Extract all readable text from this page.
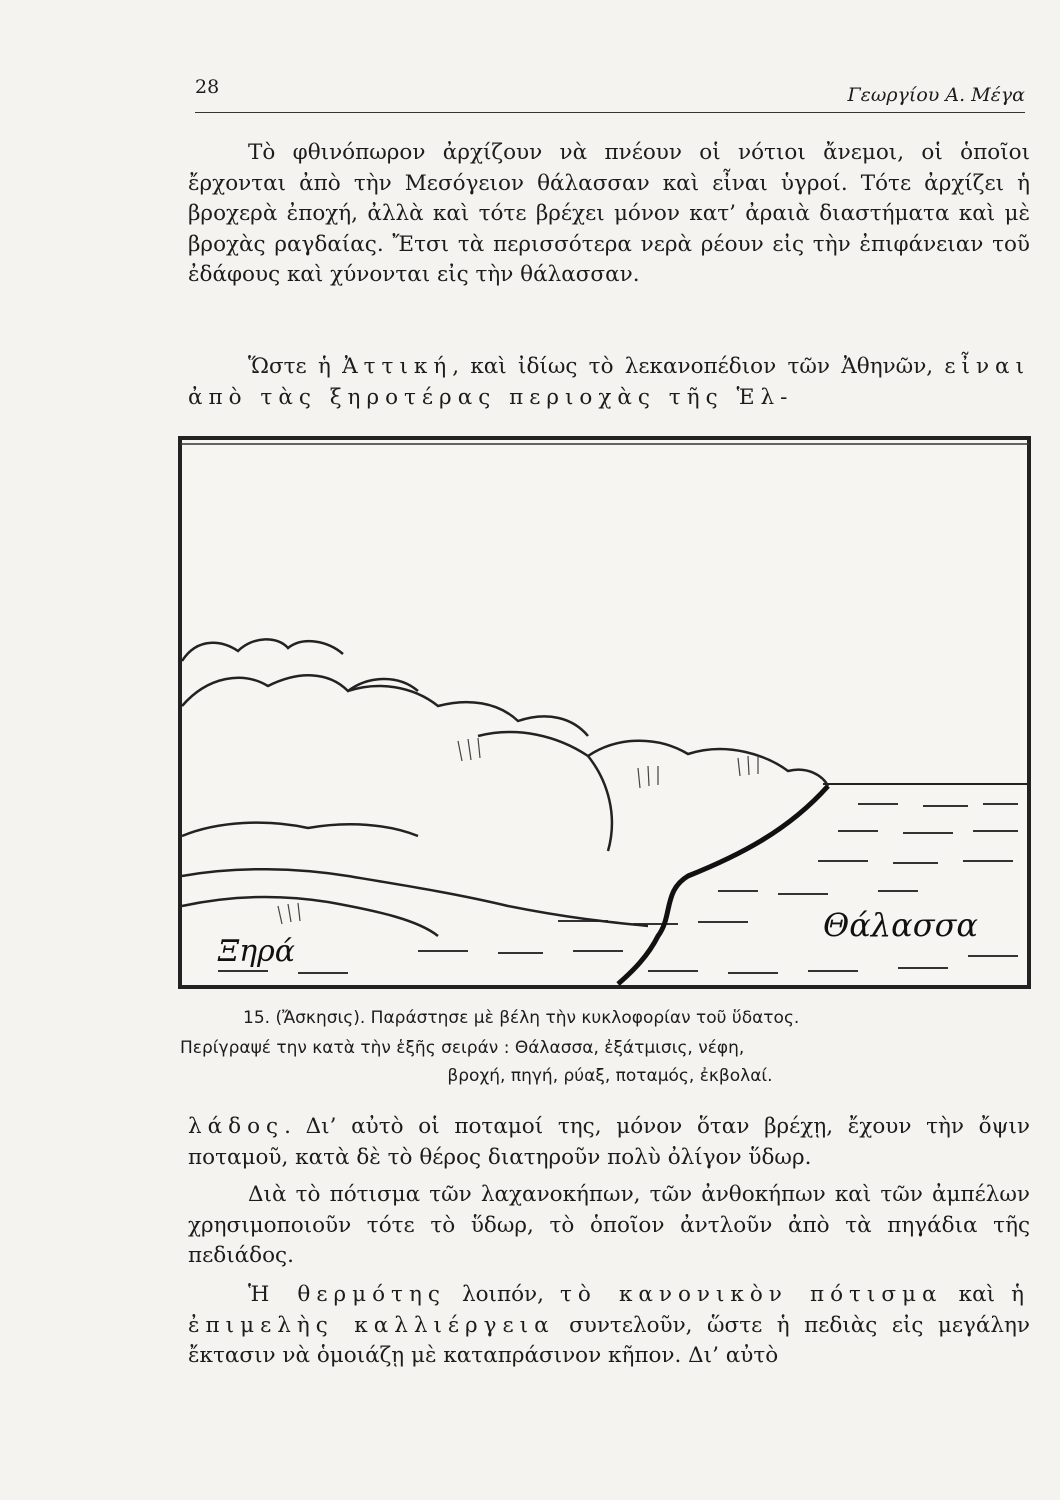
28	Γεωργίου Α. Μέγα

Τὸ φθινόπωρον ἀρχίζουν νὰ πνέουν οἱ νότιοι ἄνεμοι, οἱ ὁποῖοι ἔρχονται ἀπὸ τὴν Μεσόγειον θάλασσαν καὶ εἶναι ὑγροί. Τότε ἀρχίζει ἡ βροχερὰ ἐποχή, ἀλλὰ καὶ τότε βρέχει μόνον κατ’ ἀραιὰ διαστήματα καὶ μὲ βροχὰς ραγδαίας. Ἔτσι τὰ περισσότερα νερὰ ρέουν εἰς τὴν ἐπιφάνειαν τοῦ ἐδάφους καὶ χύνονται εἰς τὴν θάλασσαν.

Ὥστε ἡ Ἀττική, καὶ ἰδίως τὸ λεκανοπέδιον τῶν Ἀθηνῶν, εἶναι ἀπὸ τὰς ξηροτέρας περιοχὰς τῆς Ἑλ-

Ξηρά
Θάλασσα

15. (Ἄσκησις). Παράστησε μὲ βέλη τὴν κυκλοφορίαν τοῦ ὕδατος.

Περίγραψέ την κατὰ τὴν ἑξῆς σειράν : Θάλασσα, ἐξάτμισις, νέφη,

βροχή, πηγή, ρύαξ, ποταμός, ἐκβολαί.

λάδος. Δι’ αὐτὸ οἱ ποταμοί της, μόνον ὅταν βρέχῃ, ἔχουν τὴν ὄψιν ποταμοῦ, κατὰ δὲ τὸ θέρος διατηροῦν πολὺ ὀλίγον ὕδωρ.

Διὰ τὸ πότισμα τῶν λαχανοκήπων, τῶν ἀνθοκήπων καὶ τῶν ἀμπέλων χρησιμοποιοῦν τότε τὸ ὕδωρ, τὸ ὁποῖον ἀντλοῦν ἀπὸ τὰ πηγάδια τῆς πεδιάδος.

Ἡ θερμότης λοιπόν, τὸ κανονικὸν πότισμα καὶ ἡ ἐπιμελὴς καλλιέργεια συντελοῦν, ὥστε ἡ πεδιὰς εἰς μεγάλην ἔκτασιν νὰ ὁμοιάζῃ μὲ καταπράσινον κῆπον. Δι’ αὐτὸ
